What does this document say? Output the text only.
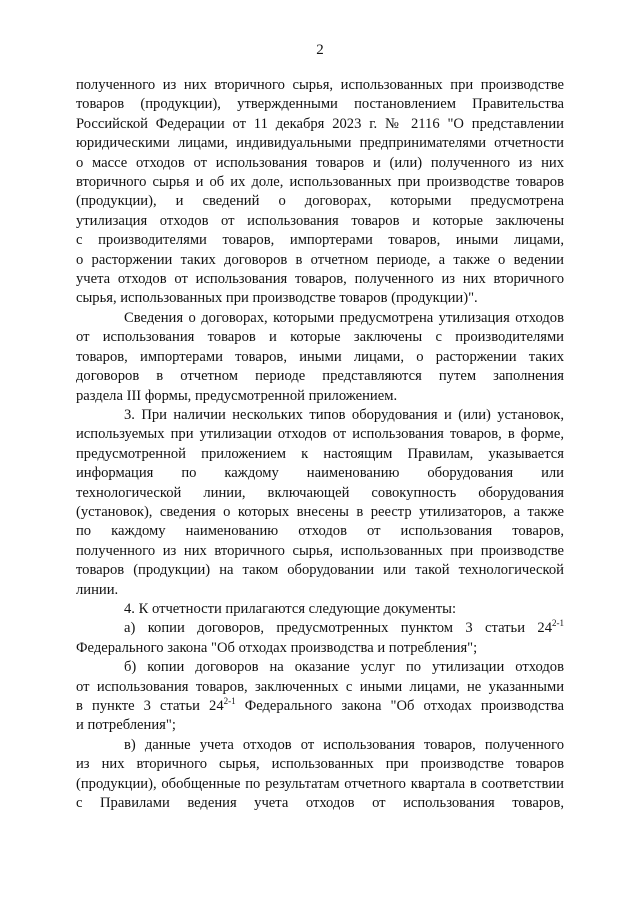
2
полученного из них вторичного сырья, использованных при производстве
товаров (продукции), утвержденными постановлением Правительства
Российской Федерации от 11 декабря 2023 г. № 2116 "О представлении
юридическими лицами, индивидуальными предпринимателями отчетности
о массе отходов от использования товаров и (или) полученного из них
вторичного сырья и об их доле, использованных при производстве товаров
(продукции), и сведений о договорах, которыми предусмотрена
утилизация отходов от использования товаров и которые заключены
с производителями товаров, импортерами товаров, иными лицами,
о расторжении таких договоров в отчетном периоде, а также о ведении
учета отходов от использования товаров, полученного из них вторичного
сырья, использованных при производстве товаров (продукции)".
Сведения о договорах, которыми предусмотрена утилизация отходов
от использования товаров и которые заключены с производителями
товаров, импортерами товаров, иными лицами, о расторжении таких
договоров в отчетном периоде представляются путем заполнения
раздела III формы, предусмотренной приложением.
3. При наличии нескольких типов оборудования и (или) установок,
используемых при утилизации отходов от использования товаров, в форме,
предусмотренной приложением к настоящим Правилам, указывается
информация по каждому наименованию оборудования или
технологической линии, включающей совокупность оборудования
(установок), сведения о которых внесены в реестр утилизаторов, а также
по каждому наименованию отходов от использования товаров,
полученного из них вторичного сырья, использованных при производстве
товаров (продукции) на таком оборудовании или такой технологической
линии.
4. К отчетности прилагаются следующие документы:
а) копии договоров, предусмотренных пунктом 3 статьи 24$^{2-1}$
Федерального закона "Об отходах производства и потребления";
б) копии договоров на оказание услуг по утилизации отходов
от использования товаров, заключенных с иными лицами, не указанными
в пункте 3 статьи 24$^{2-1}$ Федерального закона "Об отходах производства
и потребления";
в) данные учета отходов от использования товаров, полученного
из них вторичного сырья, использованных при производстве товаров
(продукции), обобщенные по результатам отчетного квартала в соответствии
с Правилами ведения учета отходов от использования товаров,
